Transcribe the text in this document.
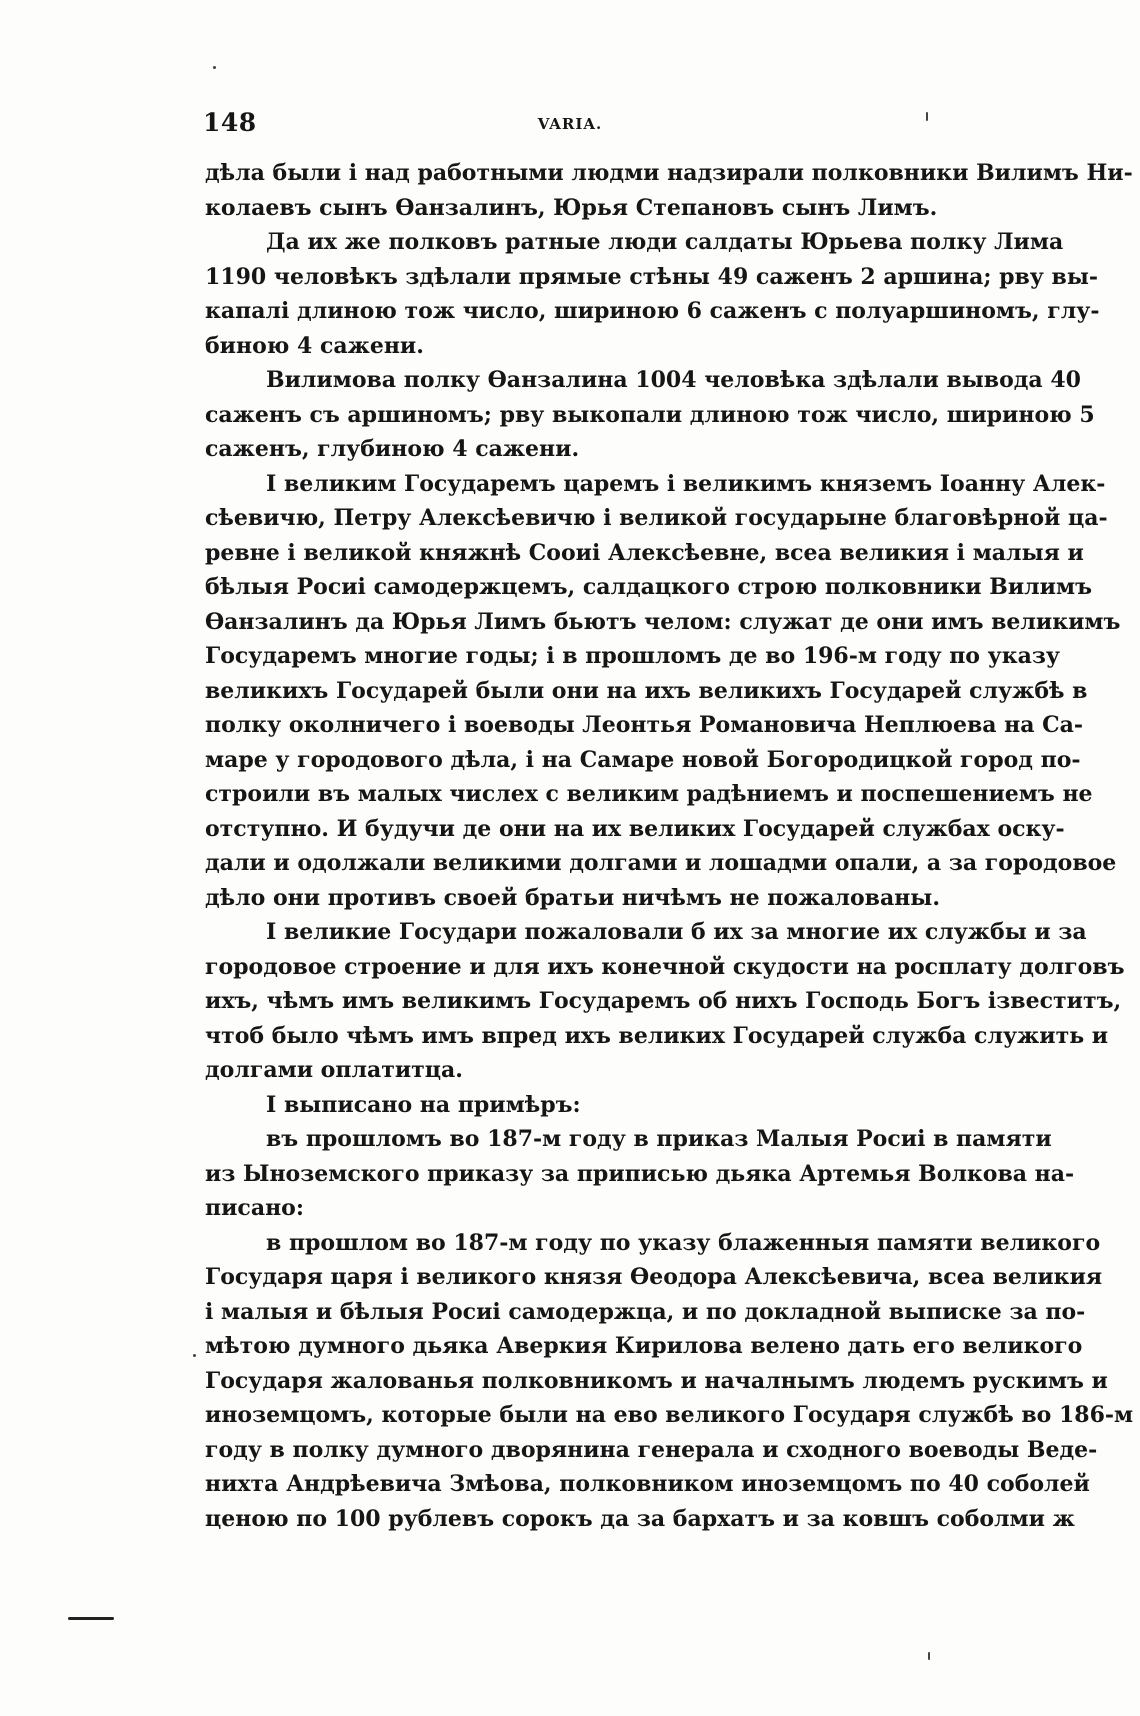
148	VARIA.
дѣла были і над работными людми надзирали полковники Вилимъ Ни-
колаевъ сынъ Өанзалинъ, Юрья Степановъ сынъ Лимъ.
Да их же полковъ ратные люди салдаты Юрьева полку Лима
1190 человѣкъ здѣлали прямые стѣны 49 саженъ 2 аршина; рву вы-
капалі длиною тож число, шириною 6 саженъ с полуаршиномъ, глу-
биною 4 сажени.
Вилимова полку Өанзалина 1004 человѣка здѣлали вывода 40
саженъ съ аршиномъ; рву выкопали длиною тож число, шириною 5
саженъ, глубиною 4 сажени.
І великим Государемъ царемъ і великимъ княземъ Іоанну Алек-
сѣевичю, Петру Алексѣевичю і великой государыне благовѣрной ца-
ревне і великой княжнѣ Сооиі Алексѣевне, всеа великия і малыя и
бѣлыя Росиі самодержцемъ, салдацкого строю полковники Вилимъ
Өанзалинъ да Юрья Лимъ бьютъ челом: служат де они имъ великимъ
Государемъ многие годы; і в прошломъ де во 196-м году по указу
великихъ Государей были они на ихъ великихъ Государей службѣ в
полку околничего і воеводы Леонтья Романовича Неплюева на Са-
маре у городового дѣла, і на Самаре новой Богородицкой город по-
строили въ малых числех с великим радѣниемъ и поспешениемъ не
отступно. И будучи де они на их великих Государей службах оску-
дали и одолжали великими долгами и лошадми опали, а за городовое
дѣло они противъ своей братьи ничѣмъ не пожалованы.
І великие Государи пожаловали б их за многие их службы и за
городовое строение и для ихъ конечной скудости на росплату долговъ
ихъ, чѣмъ имъ великимъ Государемъ об нихъ Господь Богъ ізвеститъ,
чтоб было чѣмъ имъ впред ихъ великих Государей служба служить и
долгами оплатитца.
І выписано на примѣръ:
въ прошломъ во 187-м году в приказ Малыя Росиі в памяти
из Ыноземского приказу за приписью дьяка Артемья Волкова на-
писано:
в прошлом во 187-м году по указу блаженныя памяти великого
Государя царя і великого князя Өеодора Алексѣевича, всеа великия
і малыя и бѣлыя Росиі самодержца, и по докладной выписке за по-
мѣтою думного дьяка Аверкия Кирилова велено дать его великого
Государя жалованья полковникомъ и началнымъ людемъ рускимъ и
иноземцомъ, которые были на ево великого Государя службѣ во 186-м
году в полку думного дворянина генерала и сходного воеводы Веде-
нихта Андрѣевича Змѣова, полковником иноземцомъ по 40 соболей
ценою по 100 рублевъ сорокъ да за бархатъ и за ковшъ соболми ж
